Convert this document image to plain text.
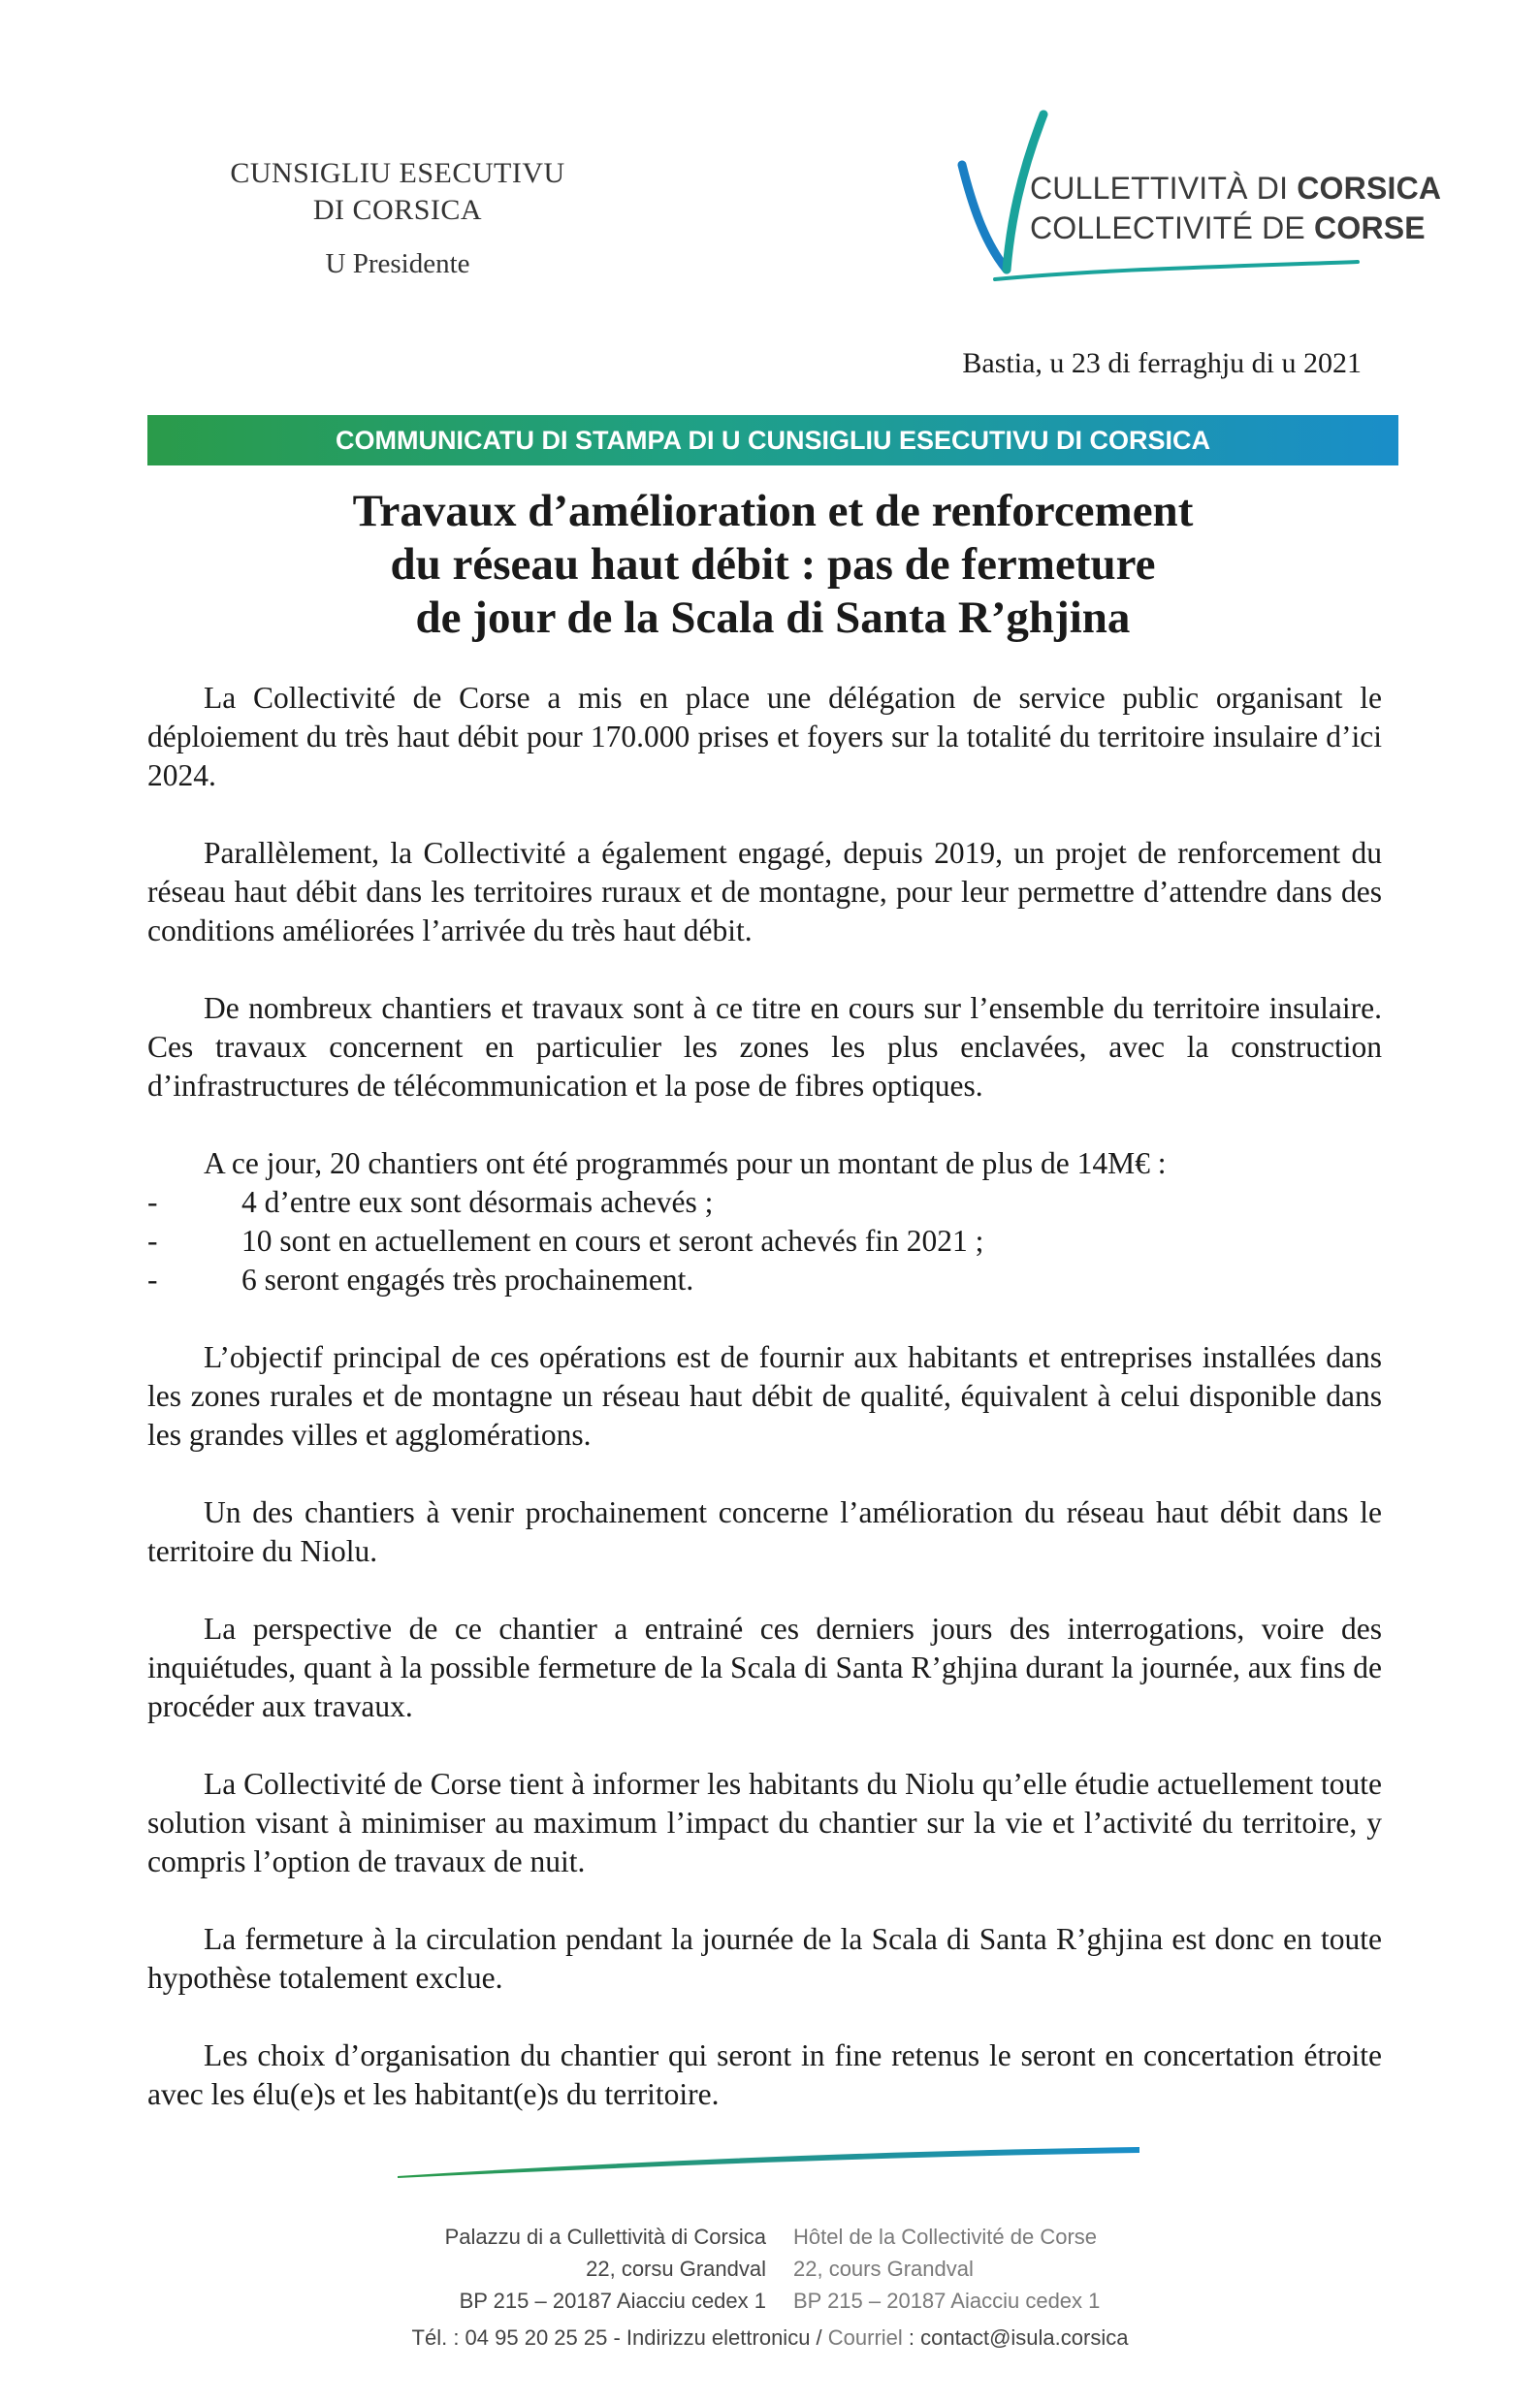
CUNSIGLIU ESECUTIVU
DI CORSICA
U Presidente
CULLETTIVITÀ DI CORSICA
COLLECTIVITÉ DE CORSE
Bastia, u 23 di ferraghju di u 2021
COMMUNICATU DI STAMPA DI U CUNSIGLIU ESECUTIVU DI CORSICA
Travaux d’amélioration et de renforcement
du réseau haut débit : pas de fermeture
de jour de la Scala di Santa R’ghjina

La Collectivité de Corse a mis en place une délégation de service public organisant le déploiement du très haut débit pour 170.000 prises et foyers sur la totalité du territoire insulaire d’ici 2024.

Parallèlement, la Collectivité a également engagé, depuis 2019, un projet de renforcement du réseau haut débit dans les territoires ruraux et de montagne, pour leur permettre d’attendre dans des conditions améliorées l’arrivée du très haut débit.

De nombreux chantiers et travaux sont à ce titre en cours sur l’ensemble du territoire insulaire. Ces travaux concernent en particulier les zones les plus enclavées, avec la construction d’infrastructures de télécommunication et la pose de fibres optiques.

A ce jour, 20 chantiers ont été programmés pour un montant de plus de 14M€ :

- 4 d’entre eux sont désormais achevés ;
- 10 sont en actuellement en cours et seront achevés fin 2021 ;
- 6 seront engagés très prochainement.

L’objectif principal de ces opérations est de fournir aux habitants et entreprises installées dans les zones rurales et de montagne un réseau haut débit de qualité, équivalent à celui disponible dans les grandes villes et agglomérations.

Un des chantiers à venir prochainement concerne l’amélioration du réseau haut débit dans le territoire du Niolu.

La perspective de ce chantier a entrainé ces derniers jours des interrogations, voire des inquiétudes, quant à la possible fermeture de la Scala di Santa R’ghjina durant la journée, aux fins de procéder aux travaux.

La Collectivité de Corse tient à informer les habitants du Niolu qu’elle étudie actuellement toute solution visant à minimiser au maximum l’impact du chantier sur la vie et l’activité du territoire, y compris l’option de travaux de nuit.

La fermeture à la circulation pendant la journée de la Scala di Santa R’ghjina est donc en toute hypothèse totalement exclue.

Les choix d’organisation du chantier qui seront in fine retenus le seront en concertation étroite avec les élu(e)s et les habitant(e)s du territoire.

Palazzu di a Cullettività di Corsica
22, corsu Grandval
BP 215 – 20187 Aiacciu cedex 1
Hôtel de la Collectivité de Corse
22, cours Grandval
BP 215 – 20187 Aiacciu cedex 1
Tél. : 04 95 20 25 25 - Indirizzu elettronicu / Courriel : contact@isula.corsica
